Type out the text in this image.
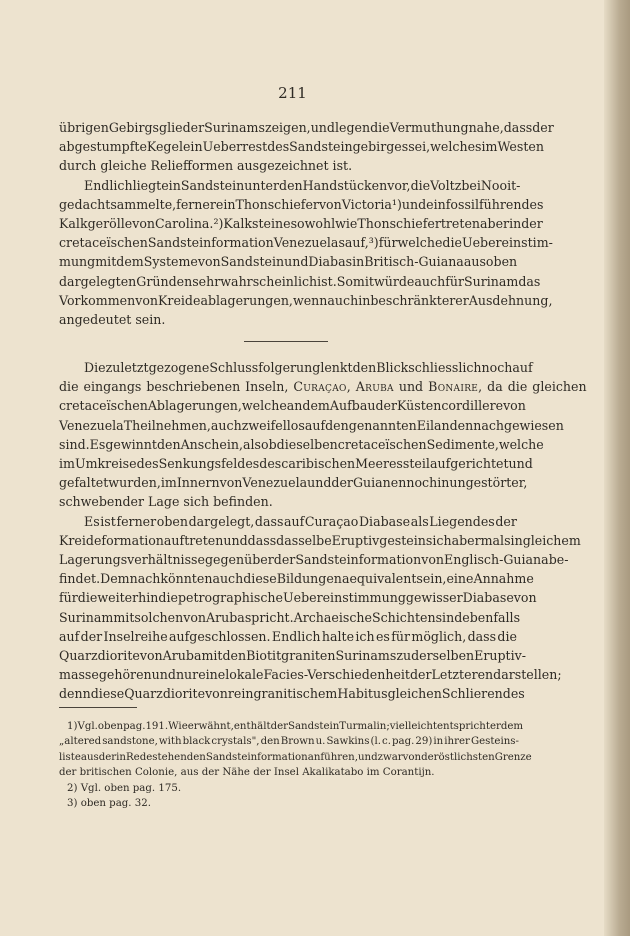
211
übrigen Gebirgsglieder Surinams zeigen, und legen die Vermuthung nahe, dass der
abgestumpfte Kegel ein Ueberrest des Sandsteingebirges sei, welches im Westen
durch gleiche Reliefformen ausgezeichnet ist.
Endlich liegt ein Sandstein unter den Handstücken vor, die Voltz bei Nooit-
gedacht sammelte, ferner ein Thonschiefer von Victoria ¹) und ein fossilführendes
Kalkgerölle von Carolina. ²) Kalksteine sowohl wie Thonschiefer treten aber in der
cretaceïschen Sandsteinformation Venezuelas auf, ³) für welche die Uebereinstim-
mung mit dem Systeme von Sandstein und Diabas in Britisch-Guiana aus oben
dargelegten Gründen sehr wahrscheinlich ist. Somit würde auch für Surinam das
Vorkommen von Kreideablagerungen, wenn auch in beschränkterer Ausdehnung,
angedeutet sein.
Die zuletzt gezogene Schlussfolgerung lenkt den Blick schliesslich noch auf
die eingangs beschriebenen Inseln, Curaçao, Aruba und Bonaire, da die gleichen
cretaceïschen Ablagerungen, welche an dem Aufbau der Küstencordillere von
Venezuela Theil nehmen, auch zweifellos auf den genannten Eilanden nachgewiesen
sind. Es gewinnt den Anschein, als ob dieselben cretaceïschen Sedimente, welche
im Umkreise des Senkungsfeldes des caribischen Meeres steil aufgerichtet und
gefaltet wurden, im Innern von Venezuela und der Guianen noch in ungestörter,
schwebender Lage sich befinden.
Es ist ferner oben dargelegt, dass auf Curaçao Diabase als Liegendes der
Kreideformation auftreten und dass dasselbe Eruptivgestein sich abermals in gleichem
Lagerungsverhältnisse gegenüber der Sandsteinformation von Englisch-Guiana be-
findet. Demnach könnten auch diese Bildungen aequivalent sein, eine Annahme
für die weiterhin die petrographische Uebereinstimmung gewisser Diabase von
Surinam mit solchen von Aruba spricht. Archaeische Schichten sind ebenfalls
auf der Inselreihe aufgeschlossen. Endlich halte ich es für möglich, dass die
Quarzdiorite von Aruba mit den Biotitgraniten Surinams zu derselben Eruptiv-
masse gehören und nur eine lokale Facies-Verschiedenheit der Letzteren darstellen;
denn diese Quarzdiorite von rein granitischem Habitus gleichen Schlieren des
1) Vgl. oben pag. 191. Wie erwähnt, enthält der Sandstein Turmalin; vielleicht entspricht er dem
„altered sandstone, with black crystals", den Brown u. Sawkins (l. c. pag. 29) in ihrer Gesteins-
liste aus der in Rede stehenden Sandsteinformation anführen, und zwar von der östlichsten Grenze
der britischen Colonie, aus der Nähe der Insel Akalikatabo im Corantijn.
2) Vgl. oben pag. 175.
3) oben pag. 32.
